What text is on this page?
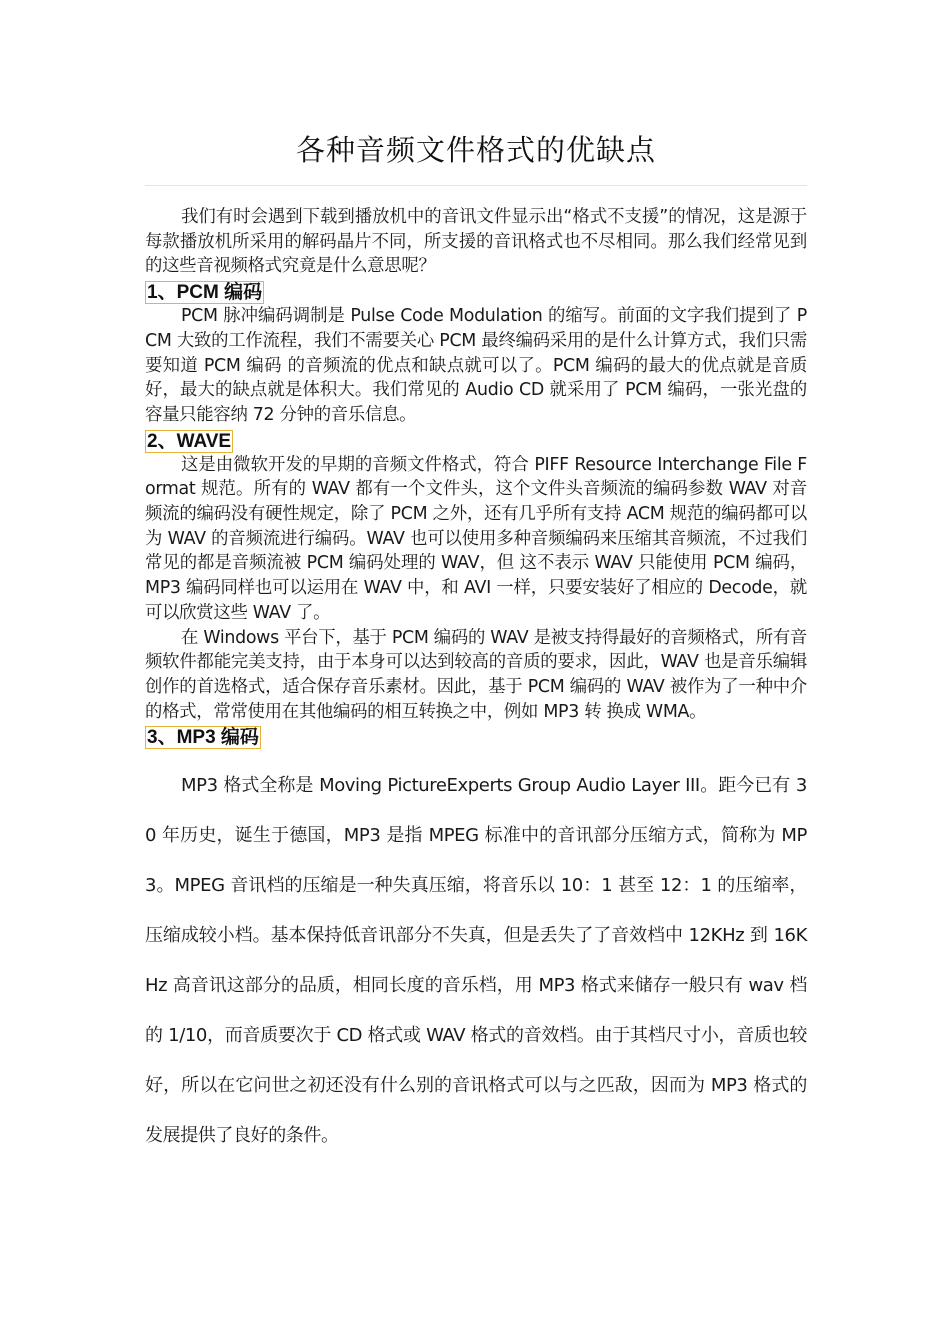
各种音频文件格式的优缺点

我们有时会遇到下载到播放机中的音讯文件显示出“格式不支援”的情况，这是源于每款播放机所采用的解码晶片不同，所支援的音讯格式也不尽相同。那么我们经常见到的这些音视频格式究竟是什么意思呢？

1、PCM 编码

PCM 脉冲编码调制是 Pulse Code Modulation 的缩写。前面的文字我们提到了 PCM 大致的工作流程，我们不需要关心 PCM 最终编码采用的是什么计算方式，我们只需要知道 PCM 编码 的音频流的优点和缺点就可以了。PCM 编码的最大的优点就是音质好，最大的缺点就是体积大。我们常见的 Audio CD 就采用了 PCM 编码，一张光盘的容量只能容纳 72 分钟的音乐信息。

2、WAVE

这是由微软开发的早期的音频文件格式，符合 PIFF Resource Interchange File Format 规范。所有的 WAV 都有一个文件头，这个文件头音频流的编码参数 WAV 对音频流的编码没有硬性规定，除了 PCM 之外，还有几乎所有支持 ACM 规范的编码都可以为 WAV 的音频流进行编码。WAV 也可以使用多种音频编码来压缩其音频流，不过我们常见的都是音频流被 PCM 编码处理的 WAV，但 这不表示 WAV 只能使用 PCM 编码，MP3 编码同样也可以运用在 WAV 中，和 AVI 一样，只要安装好了相应的 Decode，就可以欣赏这些 WAV 了。

在 Windows 平台下，基于 PCM 编码的 WAV 是被支持得最好的音频格式，所有音频软件都能完美支持，由于本身可以达到较高的音质的要求，因此，WAV 也是音乐编辑创作的首选格式，适合保存音乐素材。因此，基于 PCM 编码的 WAV 被作为了一种中介的格式，常常使用在其他编码的相互转换之中，例如 MP3 转 换成 WMA。

3、MP3 编码

MP3 格式全称是 Moving PictureExperts Group Audio Layer III。距今已有 30 年历史，诞生于德国，MP3 是指 MPEG 标准中的音讯部分压缩方式，简称为 MP3。MPEG 音讯档的压缩是一种失真压缩，将音乐以 10：1 甚至 12：1 的压缩率，压缩成较小档。基本保持低音讯部分不失真，但是丢失了了音效档中 12KHz 到 16KHz 高音讯这部分的品质，相同长度的音乐档，用 MP3 格式来储存一般只有 wav 档的 1/10，而音质要次于 CD 格式或 WAV 格式的音效档。由于其档尺寸小，音质也较好，所以在它问世之初还没有什么别的音讯格式可以与之匹敌，因而为 MP3 格式的发展提供了良好的条件。
